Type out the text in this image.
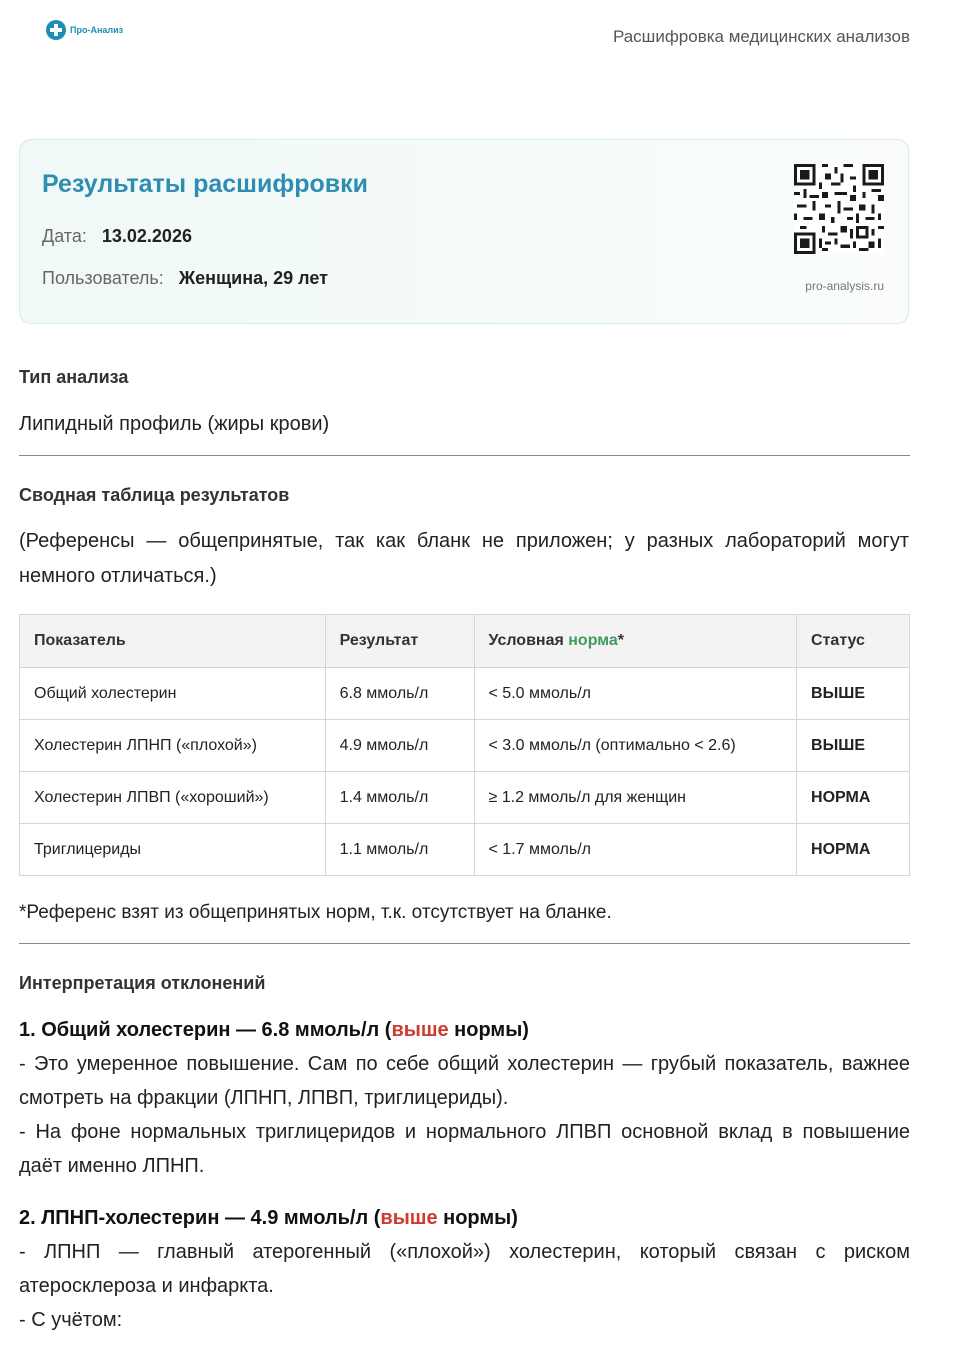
Про-Анализ	Расшифровка медицинских анализов
Результаты расшифровки
Дата: 13.02.2026
Пользователь: Женщина, 29 лет	pro-analysis.ru
Тип анализа
Липидный профиль (жиры крови)
Сводная таблица результатов
(Референсы — общепринятые, так как бланк не приложен; у разных лабораторий могут немного отличаться.)
Показатель	Результат	Условная норма*	Статус
Общий холестерин	6.8 ммоль/л	< 5.0 ммоль/л	ВЫШЕ
Холестерин ЛПНП («плохой»)	4.9 ммоль/л	< 3.0 ммоль/л (оптимально < 2.6)	ВЫШЕ
Холестерин ЛПВП («хороший»)	1.4 ммоль/л	≥ 1.2 ммоль/л для женщин	НОРМА
Триглицериды	1.1 ммоль/л	< 1.7 ммоль/л	НОРМА
*Референс взят из общепринятых норм, т.к. отсутствует на бланке.
Интерпретация отклонений
1. Общий холестерин — 6.8 ммоль/л (выше нормы)
- Это умеренное повышение. Сам по себе общий холестерин — грубый показатель, важнее смотреть на фракции (ЛПНП, ЛПВП, триглицериды).
- На фоне нормальных триглицеридов и нормального ЛПВП основной вклад в повышение даёт именно ЛПНП.
2. ЛПНП-холестерин — 4.9 ммоль/л (выше нормы)
- ЛПНП — главный атерогенный («плохой») холестерин, который связан с риском атеросклероза и инфаркта.
- С учётом:
